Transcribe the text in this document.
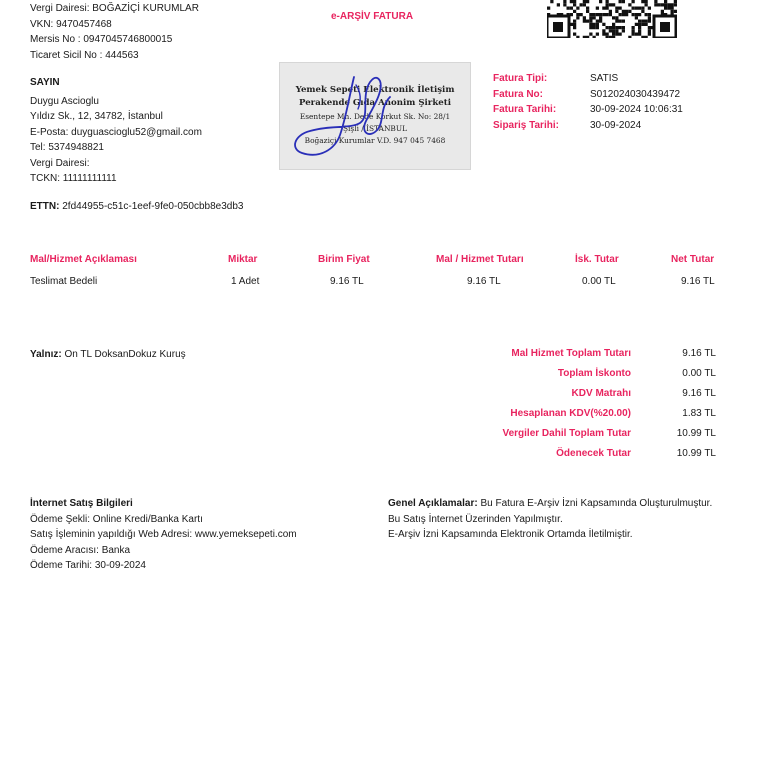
Vergi Dairesi: BOĞAZİÇİ KURUMLAR
VKN: 9470457468
Mersis No : 0947045746800015
Ticaret Sicil No : 444563
e-ARŞİV FATURA
SAYIN
Duygu Ascioglu
Yıldız Sk., 12, 34782, İstanbul
E-Posta: duyguascioglu52@gmail.com
Tel: 5374948821
Vergi Dairesi:
TCKN: 11111111111
Yemek Sepeti Elektronik İletişim
Perakende Gıda Anonim Şirketi
Esentepe Mh. Dede Korkut Sk. No: 28/1
Şişli / İSTANBUL
Boğaziçi Kurumlar V.D. 947 045 7468
Fatura Tipi:	SATIS
Fatura No:	S012024030439472
Fatura Tarihi:	30-09-2024 10:06:31
Sipariş Tarihi:	30-09-2024
ETTN: 2fd44955-c51c-1eef-9fe0-050cbb8e3db3
Mal/Hizmet Açıklaması	Miktar	Birim Fiyat	Mal / Hizmet Tutarı	İsk. Tutar	Net Tutar
Teslimat Bedeli	1 Adet	9.16 TL	9.16 TL	0.00 TL	9.16 TL
Yalnız: On TL DoksanDokuz Kuruş	Mal Hizmet Toplam Tutarı	9.16 TL
Toplam İskonto	0.00 TL
KDV Matrahı	9.16 TL
Hesaplanan KDV(%20.00)	1.83 TL
Vergiler Dahil Toplam Tutar	10.99 TL
Ödenecek Tutar	10.99 TL
İnternet Satış Bilgileri
Ödeme Şekli: Online Kredi/Banka Kartı
Satış İşleminin yapıldığı Web Adresi: www.yemeksepeti.com
Ödeme Aracısı: Banka
Ödeme Tarihi: 30-09-2024
Genel Açıklamalar: Bu Fatura E-Arşiv İzni Kapsamında Oluşturulmuştur.
Bu Satış İnternet Üzerinden Yapılmıştır.
E-Arşiv İzni Kapsamında Elektronik Ortamda İletilmiştir.
